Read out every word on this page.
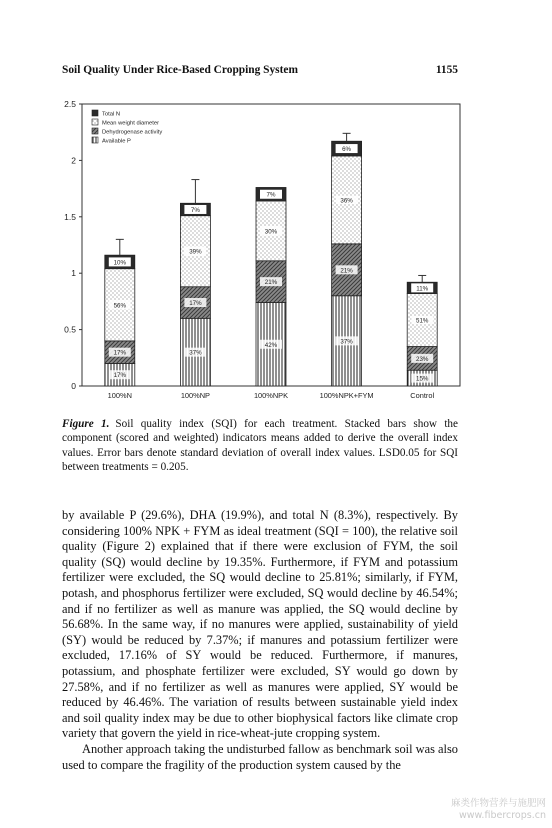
Soil Quality Under Rice-Based Cropping System	1155
0
0.5
1
1.5
2
2.5
17%
17%
56%
10%
100%N
37%
17%
39%
7%
100%NP
42%
21%
30%
7%
100%NPK
37%
21%
36%
6%
100%NPK+FYM
15%
23%
51%
11%
Control
Total N
Mean weight diameter
Dehydrogenase activity
Available P
Figure 1. Soil quality index (SQI) for each treatment. Stacked bars show the component (scored and weighted) indicators means added to derive the overall index values. Error bars denote standard deviation of overall index values. LSD0.05 for SQI between treatments = 0.205.

by available P (29.6%), DHA (19.9%), and total N (8.3%), respectively. By considering 100% NPK + FYM as ideal treatment (SQI = 100), the relative soil quality (Figure 2) explained that if there were exclusion of FYM, the soil quality (SQ) would decline by 19.35%. Furthermore, if FYM and potassium fertilizer were excluded, the SQ would decline to 25.81%; similarly, if FYM, potash, and phosphorus fertilizer were excluded, SQ would decline by 46.54%; and if no fertilizer as well as manure was applied, the SQ would decline by 56.68%. In the same way, if no manures were applied, sustainability of yield (SY) would be reduced by 7.37%; if manures and potassium fertilizer were excluded, 17.16% of SY would be reduced. Furthermore, if manures, potassium, and phosphate fertilizer were excluded, SY would go down by 27.58%, and if no fertilizer as well as manures were applied, SY would be reduced by 46.46%. The variation of results between sustainable yield index and soil quality index may be due to other biophysical factors like climate crop variety that govern the yield in rice-wheat-jute cropping system.

Another approach taking the undisturbed fallow as benchmark soil was also used to compare the fragility of the production system caused by the

麻类作物营养与施肥网
www.fibercrops.cn
